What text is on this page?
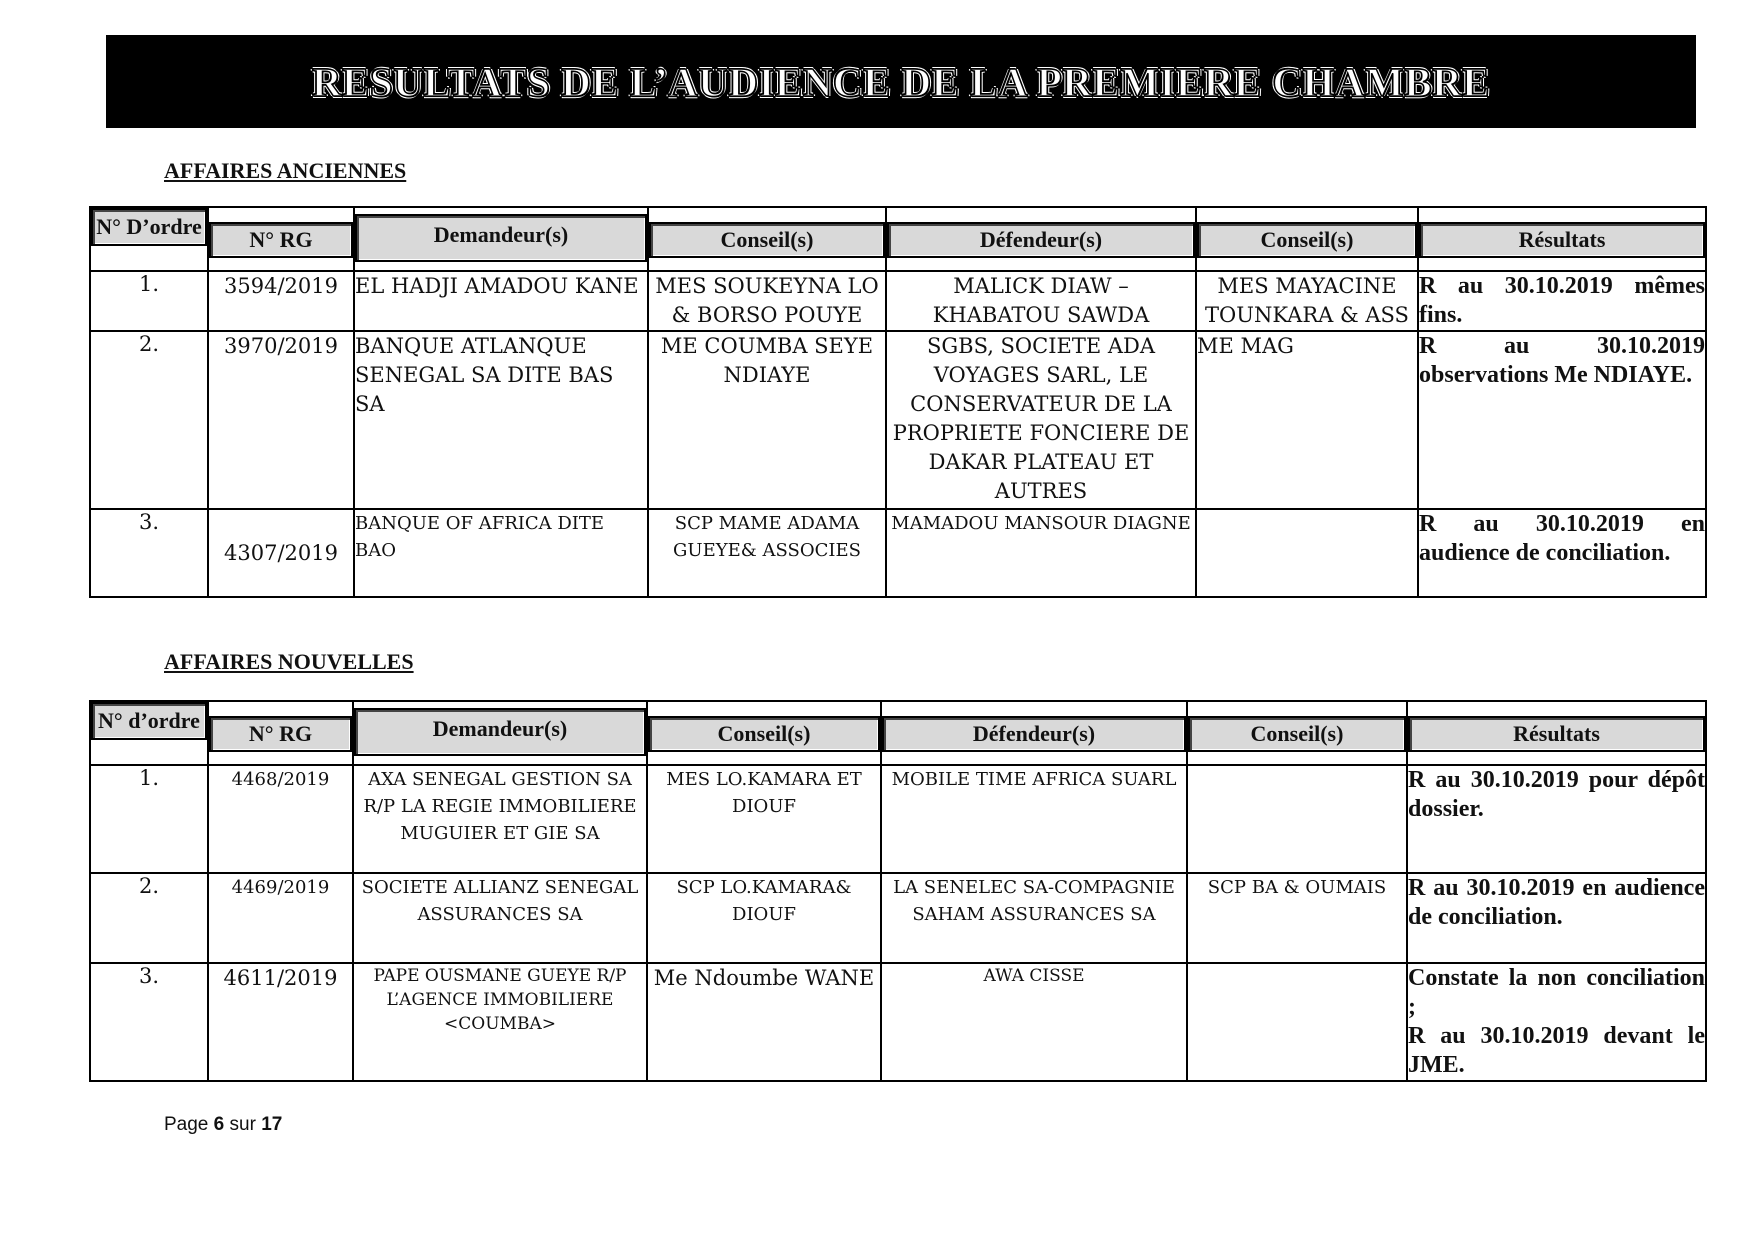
RESULTATS DE L’AUDIENCE DE LA PREMIERE CHAMBRE
AFFAIRES ANCIENNES
N° D’ordre	N° RG	Demandeur(s)	Conseil(s)	Défendeur(s)	Conseil(s)	Résultats

1.	3594/2019	EL HADJI AMADOU KANE	MES SOUKEYNA LO & BORSO POUYE	MALICK DIAW – KHABATOU SAWDA	MES MAYACINE TOUNKARA & ASS	R au 30.10.2019 mêmes fins.
2.	3970/2019	BANQUE ATLANQUE SENEGAL SA DITE BAS SA	ME COUMBA SEYE NDIAYE	SGBS, SOCIETE ADA VOYAGES SARL, LE CONSERVATEUR DE LA PROPRIETE FONCIERE DE DAKAR PLATEAU ET AUTRES	ME MAG	R au 30.10.2019 observations Me NDIAYE.
3.	4307/2019	BANQUE OF AFRICA DITE BAO	SCP MAME ADAMA GUEYE& ASSOCIES	MAMADOU MANSOUR DIAGNE		R au 30.10.2019 en audience de conciliation.
AFFAIRES NOUVELLES
N° d’ordre	N° RG	Demandeur(s)	Conseil(s)	Défendeur(s)	Conseil(s)	Résultats

1.	4468/2019	AXA SENEGAL GESTION SA R/P LA REGIE IMMOBILIERE MUGUIER ET GIE SA	MES LO.KAMARA ET DIOUF	MOBILE TIME AFRICA SUARL		R au 30.10.2019 pour dépôt dossier.
2.	4469/2019	SOCIETE ALLIANZ SENEGAL ASSURANCES SA	SCP LO.KAMARA& DIOUF	LA SENELEC SA-COMPAGNIE SAHAM ASSURANCES SA	SCP BA & OUMAIS	R au 30.10.2019 en audience de conciliation.
3.	4611/2019	PAPE OUSMANE GUEYE R/P L’AGENCE IMMOBILIERE <COUMBA>	Me Ndoumbe WANE	AWA CISSE		Constate la non conciliation ;
R au 30.10.2019 devant le JME.
Page 6 sur 17
